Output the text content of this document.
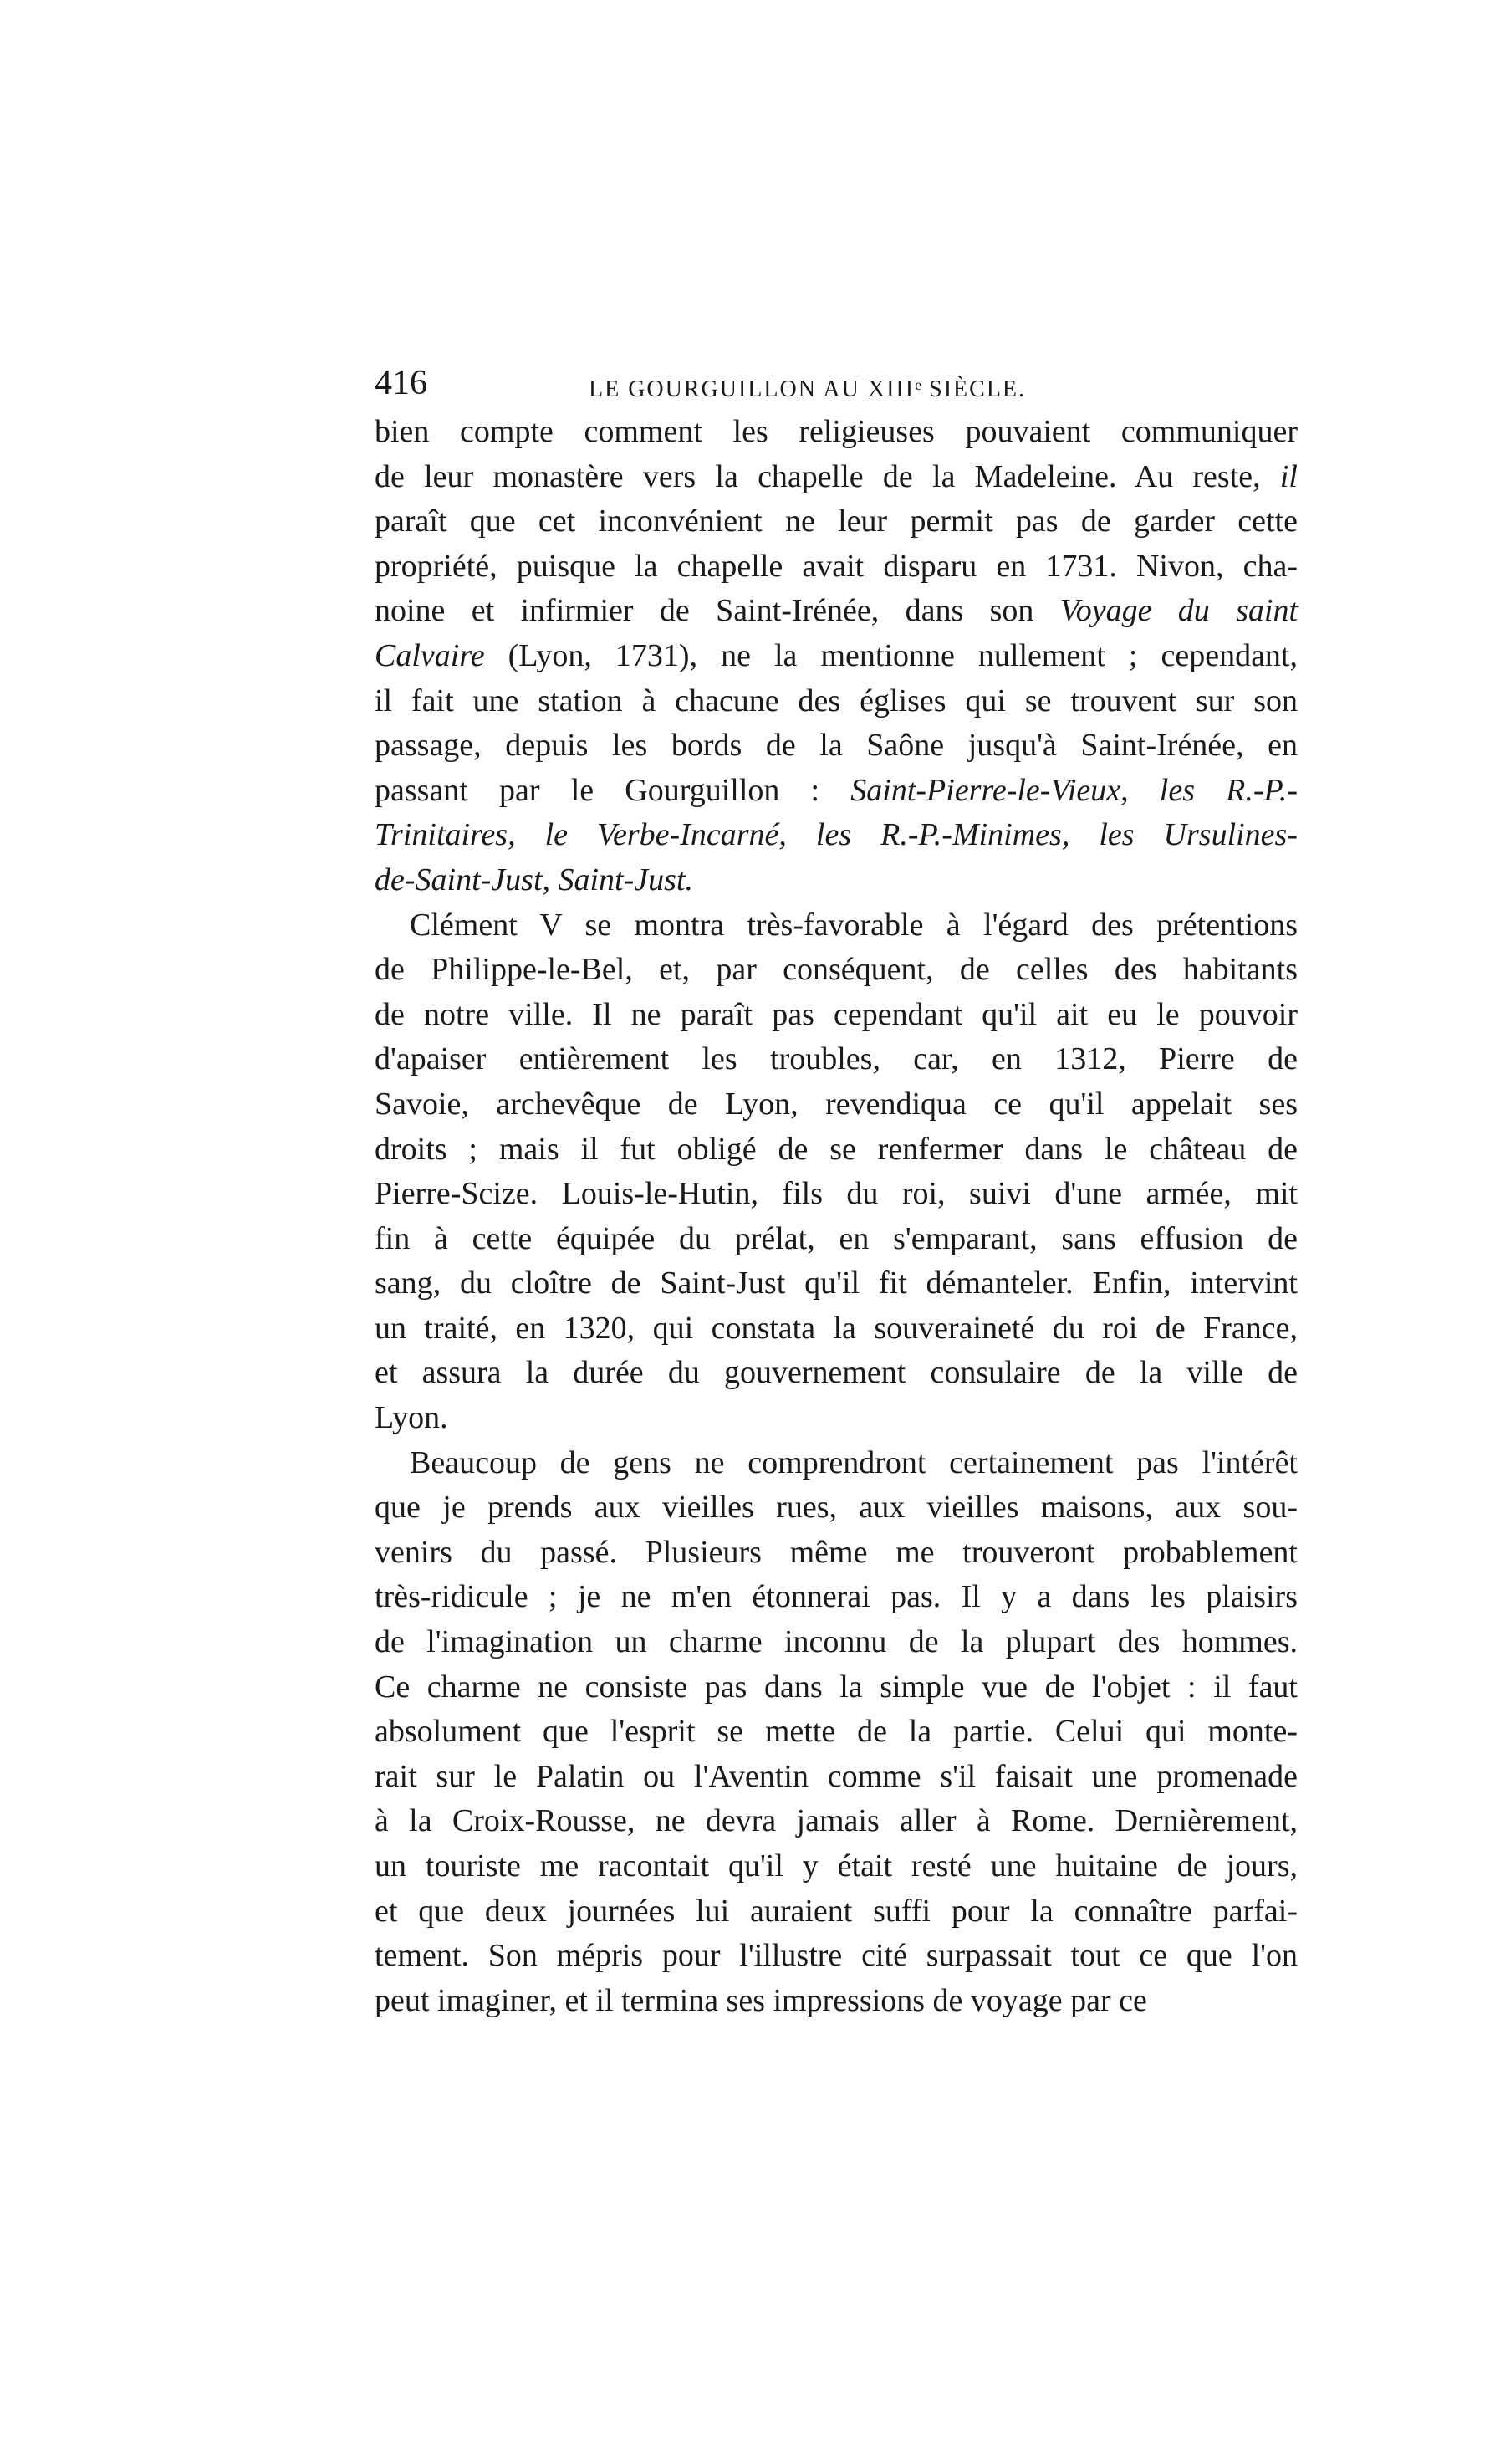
416	LE GOURGUILLON AU XIIIe SIÈCLE.
bien compte comment les religieuses pouvaient communiquer
de leur monastère vers la chapelle de la Madeleine. Au reste, il
paraît que cet inconvénient ne leur permit pas de garder cette
propriété, puisque la chapelle avait disparu en 1731. Nivon, cha-
noine et infirmier de Saint-Irénée, dans son Voyage du saint
Calvaire (Lyon, 1731), ne la mentionne nullement ; cependant,
il fait une station à chacune des églises qui se trouvent sur son
passage, depuis les bords de la Saône jusqu'à Saint-Irénée, en
passant par le Gourguillon : Saint-Pierre-le-Vieux, les R.-P.-
Trinitaires, le Verbe-Incarné, les R.-P.-Minimes, les Ursulines-
de-Saint-Just, Saint-Just.
Clément V se montra très-favorable à l'égard des prétentions
de Philippe-le-Bel, et, par conséquent, de celles des habitants
de notre ville. Il ne paraît pas cependant qu'il ait eu le pouvoir
d'apaiser entièrement les troubles, car, en 1312, Pierre de
Savoie, archevêque de Lyon, revendiqua ce qu'il appelait ses
droits ; mais il fut obligé de se renfermer dans le château de
Pierre-Scize. Louis-le-Hutin, fils du roi, suivi d'une armée, mit
fin à cette équipée du prélat, en s'emparant, sans effusion de
sang, du cloître de Saint-Just qu'il fit démanteler. Enfin, intervint
un traité, en 1320, qui constata la souveraineté du roi de France,
et assura la durée du gouvernement consulaire de la ville de
Lyon.
Beaucoup de gens ne comprendront certainement pas l'intérêt
que je prends aux vieilles rues, aux vieilles maisons, aux sou-
venirs du passé. Plusieurs même me trouveront probablement
très-ridicule ; je ne m'en étonnerai pas. Il y a dans les plaisirs
de l'imagination un charme inconnu de la plupart des hommes.
Ce charme ne consiste pas dans la simple vue de l'objet : il faut
absolument que l'esprit se mette de la partie. Celui qui monte-
rait sur le Palatin ou l'Aventin comme s'il faisait une promenade
à la Croix-Rousse, ne devra jamais aller à Rome. Dernièrement,
un touriste me racontait qu'il y était resté une huitaine de jours,
et que deux journées lui auraient suffi pour la connaître parfai-
tement. Son mépris pour l'illustre cité surpassait tout ce que l'on
peut imaginer, et il termina ses impressions de voyage par ce
